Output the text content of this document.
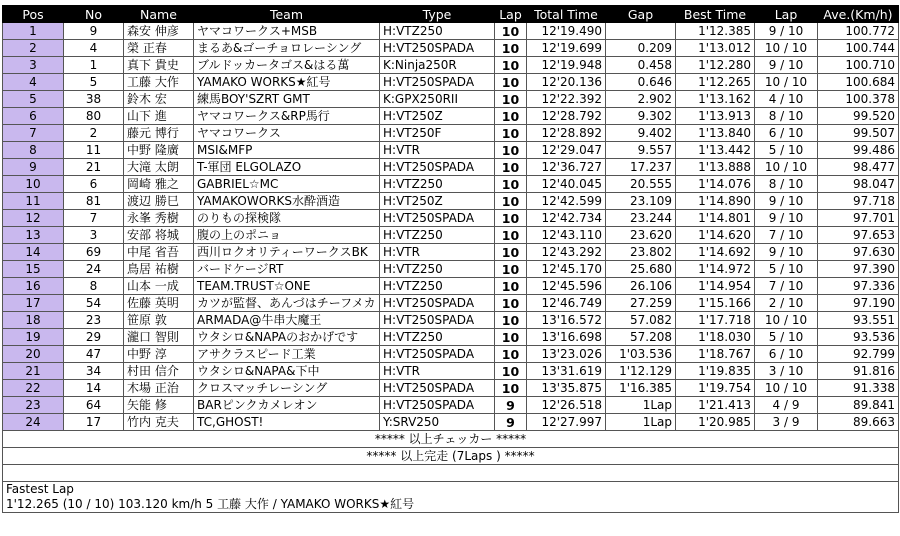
Pos	No	Name	Team	Type	Lap	Total Time	Gap	Best Time	Lap	Ave.(Km/h)
1	9	森安 伸彦	ヤマコワークス+MSB	H:VTZ250	10	12'19.490		1'12.385	9 / 10	100.772
2	4	榮 正春	まるあ&ゴーチョロレーシング	H:VT250SPADA	10	12'19.699	0.209	1'13.012	10 / 10	100.744
3	1	真下 貴史	ブルドッカータゴス&はる萬	K:Ninja250R	10	12'19.948	0.458	1'12.280	9 / 10	100.710
4	5	工藤 大作	YAMAKO WORKS★紅号	H:VT250SPADA	10	12'20.136	0.646	1'12.265	10 / 10	100.684
5	38	鈴木 宏	練馬BOY'SZRT GMT	K:GPX250RII	10	12'22.392	2.902	1'13.162	4 / 10	100.378
6	80	山下 進	ヤマコワークス&RP馬行	H:VT250Z	10	12'28.792	9.302	1'13.913	8 / 10	99.520
7	2	藤元 博行	ヤマコワークス	H:VT250F	10	12'28.892	9.402	1'13.840	6 / 10	99.507
8	11	中野 隆廣	MSI&MFP	H:VTR	10	12'29.047	9.557	1'13.442	5 / 10	99.486
9	21	大滝 太朗	T-軍団 ELGOLAZO	H:VT250SPADA	10	12'36.727	17.237	1'13.888	10 / 10	98.477
10	6	岡崎 雅之	GABRIEL☆MC	H:VTZ250	10	12'40.045	20.555	1'14.076	8 / 10	98.047
11	81	渡辺 勝巳	YAMAKOWORKS水酔酒造	H:VT250Z	10	12'42.599	23.109	1'14.890	9 / 10	97.718
12	7	永峯 秀樹	のりもの探検隊	H:VT250SPADA	10	12'42.734	23.244	1'14.801	9 / 10	97.701
13	3	安部 将城	腹の上のポニョ	H:VTZ250	10	12'43.110	23.620	1'14.620	7 / 10	97.653
14	69	中尾 省吾	西川ロクオリティーワークスBK	H:VTR	10	12'43.292	23.802	1'14.692	9 / 10	97.630
15	24	鳥居 祐樹	バードケージRT	H:VTZ250	10	12'45.170	25.680	1'14.972	5 / 10	97.390
16	8	山本 一成	TEAM.TRUST☆ONE	H:VTZ250	10	12'45.596	26.106	1'14.954	7 / 10	97.336
17	54	佐藤 英明	カツが監督、あんづはチーフメカ	H:VT250SPADA	10	12'46.749	27.259	1'15.166	2 / 10	97.190
18	23	笹原 敦	ARMADA@牛串大魔王	H:VT250SPADA	10	13'16.572	57.082	1'17.718	10 / 10	93.551
19	29	瀧口 智則	ウタシロ&NAPAのおかげです	H:VTZ250	10	13'16.698	57.208	1'18.030	5 / 10	93.536
20	47	中野 淳	アサクラスピード工業	H:VT250SPADA	10	13'23.026	1'03.536	1'18.767	6 / 10	92.799
21	34	村田 信介	ウタシロ&NAPA&下中	H:VTR	10	13'31.619	1'12.129	1'19.835	3 / 10	91.816
22	14	木場 正治	クロスマッチレーシング	H:VT250SPADA	10	13'35.875	1'16.385	1'19.754	10 / 10	91.338
23	64	矢能 修	BARピンクカメレオン	H:VT250SPADA	9	12'26.518	1Lap	1'21.413	4 / 9	89.841
24	17	竹内 克夫	TC,GHOST!	Y:SRV250	9	12'27.997	1Lap	1'20.985	3 / 9	89.663
***** 以上チェッカー *****										
***** 以上完走 (7Laps ) *****										

Fastest Lap
1'12.265 (10 / 10) 103.120 km/h 5 工藤 大作 / YAMAKO WORKS★紅号										
